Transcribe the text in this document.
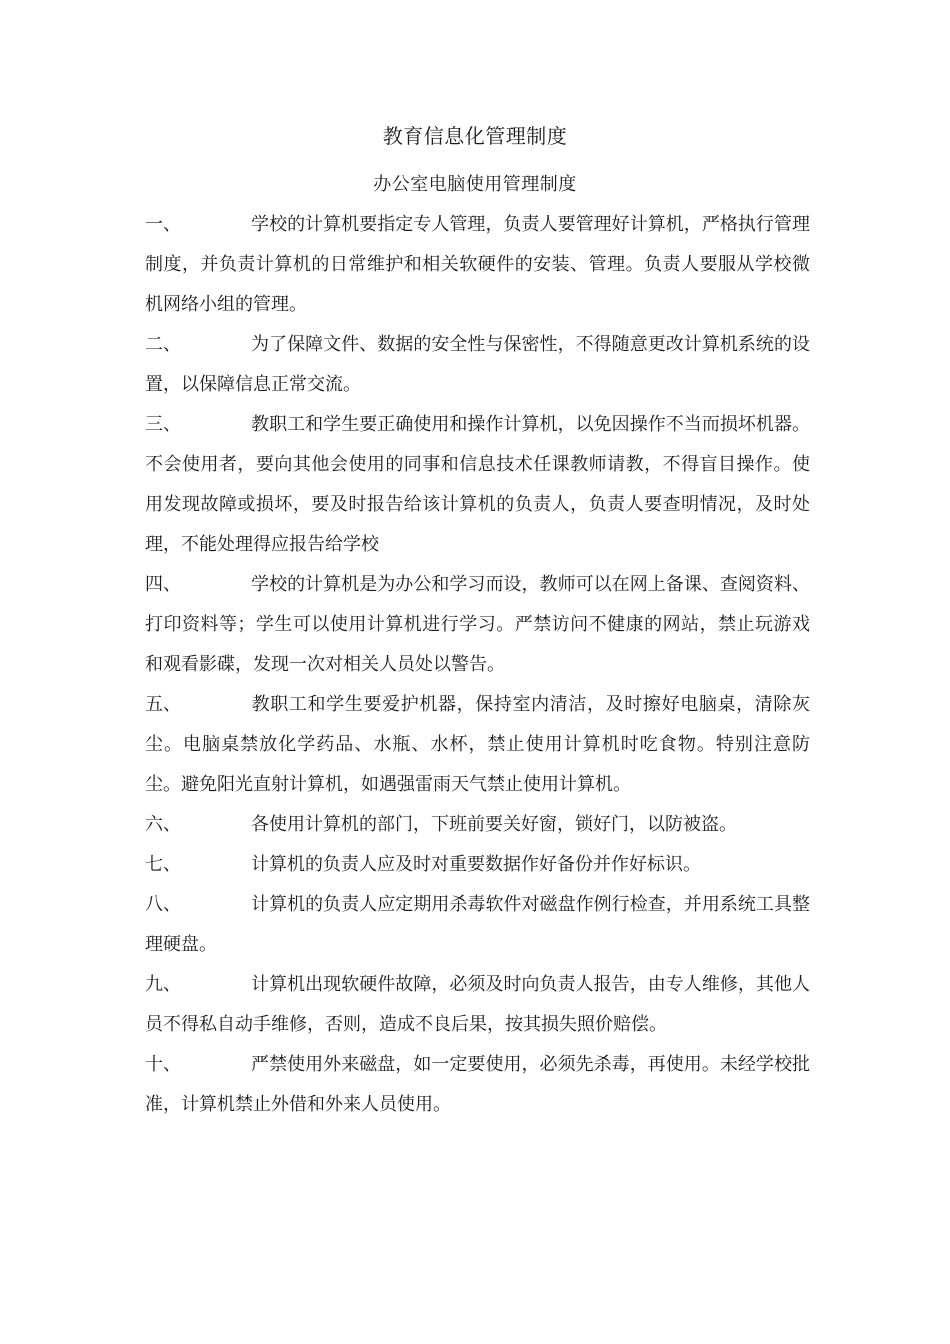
教育信息化管理制度
办公室电脑使用管理制度
一、	学校的计算机要指定专人管理，负责人要管理好计算机，严格执行管理制度，并负责计算机的日常维护和相关软硬件的安装、管理。负责人要服从学校微机网络小组的管理。
二、	为了保障文件、数据的安全性与保密性，不得随意更改计算机系统的设置，以保障信息正常交流。
三、	教职工和学生要正确使用和操作计算机，以免因操作不当而损坏机器。不会使用者，要向其他会使用的同事和信息技术任课教师请教，不得盲目操作。使用发现故障或损坏，要及时报告给该计算机的负责人，负责人要查明情况，及时处理，不能处理得应报告给学校
四、	学校的计算机是为办公和学习而设，教师可以在网上备课、查阅资料、打印资料等；学生可以使用计算机进行学习。严禁访问不健康的网站，禁止玩游戏和观看影碟，发现一次对相关人员处以警告。
五、	教职工和学生要爱护机器，保持室内清洁，及时擦好电脑桌，清除灰尘。电脑桌禁放化学药品、水瓶、水杯，禁止使用计算机时吃食物。特别注意防尘。避免阳光直射计算机，如遇强雷雨天气禁止使用计算机。
六、	各使用计算机的部门，下班前要关好窗，锁好门，以防被盗。
七、	计算机的负责人应及时对重要数据作好备份并作好标识。
八、	计算机的负责人应定期用杀毒软件对磁盘作例行检查，并用系统工具整理硬盘。
九、	计算机出现软硬件故障，必须及时向负责人报告，由专人维修，其他人员不得私自动手维修，否则，造成不良后果，按其损失照价赔偿。
十、	严禁使用外来磁盘，如一定要使用，必须先杀毒，再使用。未经学校批准，计算机禁止外借和外来人员使用。
